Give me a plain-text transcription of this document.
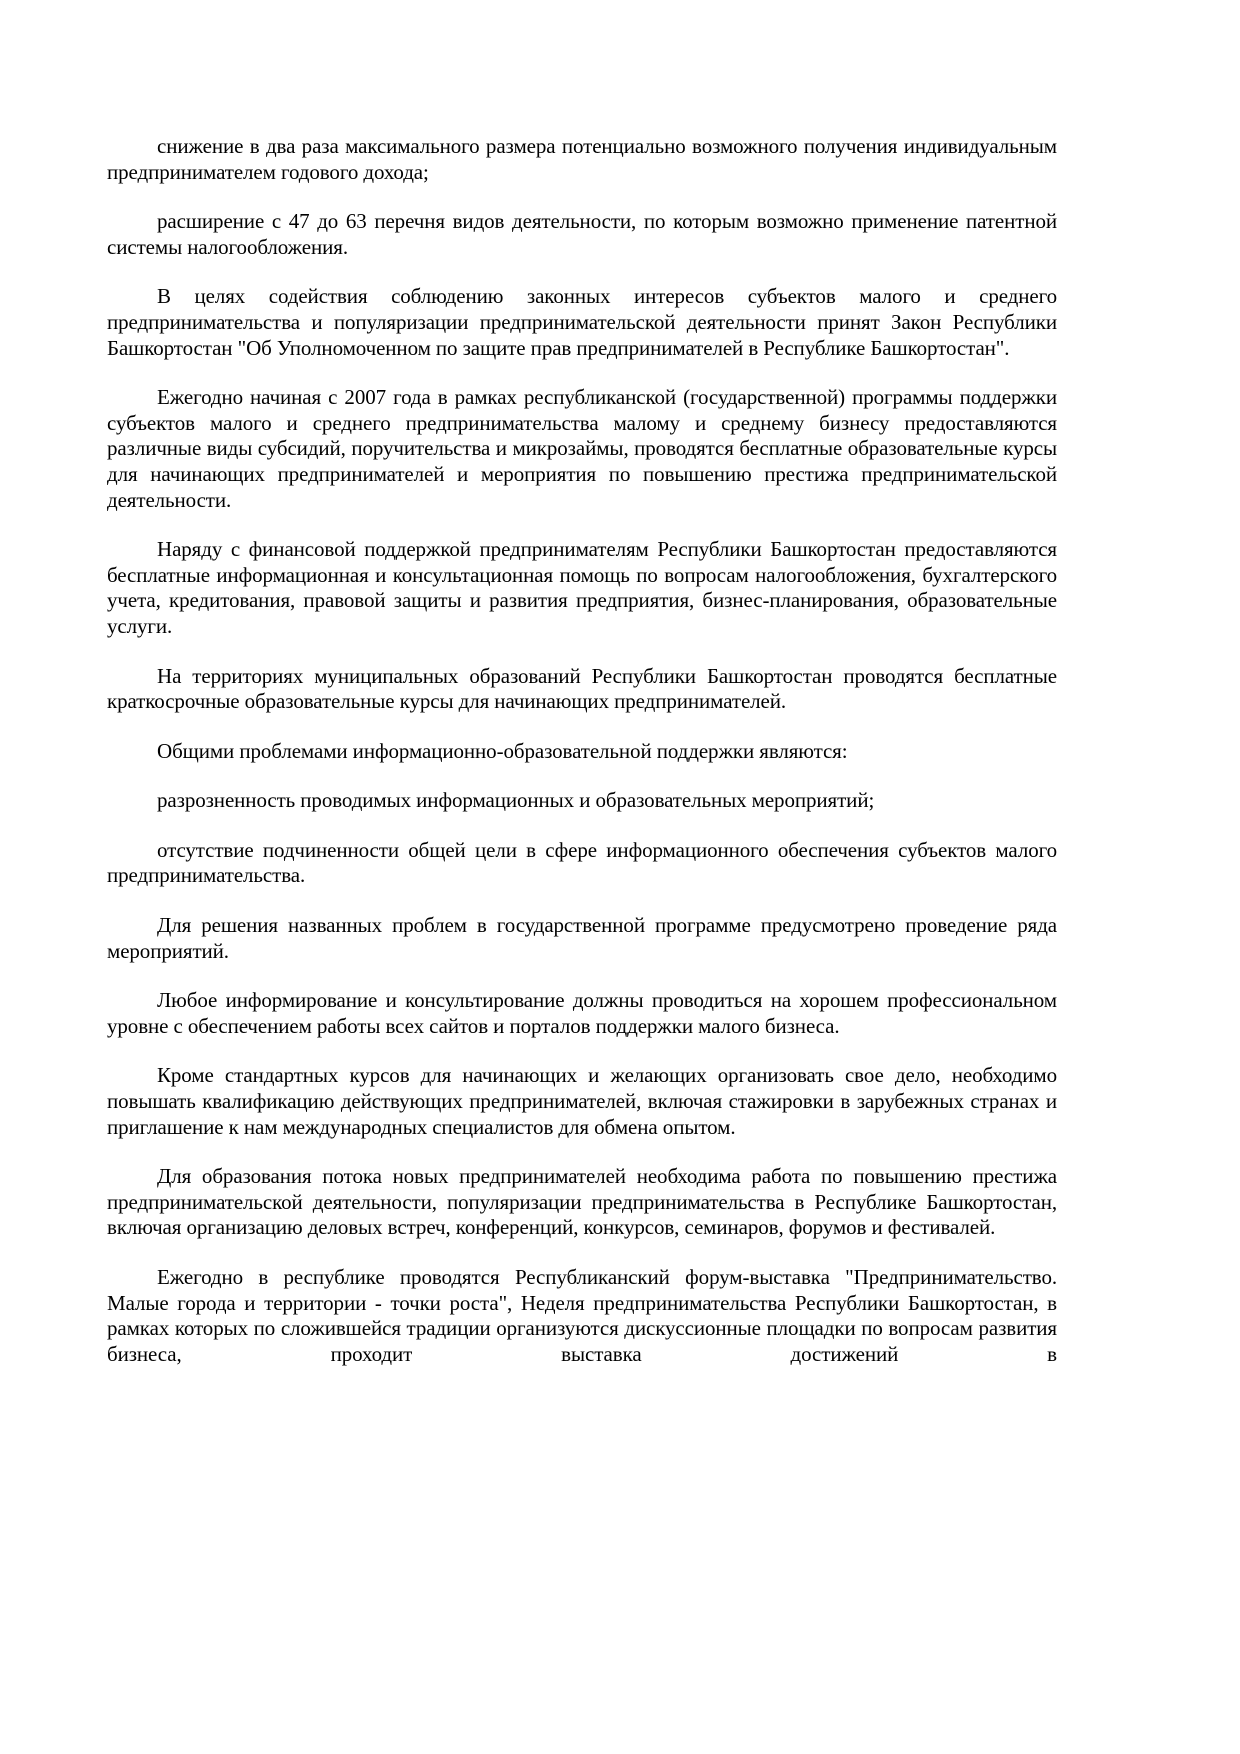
снижение в два раза максимального размера потенциально возможного получения индивидуальным предпринимателем годового дохода;

расширение с 47 до 63 перечня видов деятельности, по которым возможно применение патентной системы налогообложения.

В целях содействия соблюдению законных интересов субъектов малого и среднего предпринимательства и популяризации предпринимательской деятельности принят Закон Республики Башкортостан "Об Уполномоченном по защите прав предпринимателей в Республике Башкортостан".

Ежегодно начиная с 2007 года в рамках республиканской (государственной) программы поддержки субъектов малого и среднего предпринимательства малому и среднему бизнесу предоставляются различные виды субсидий, поручительства и микрозаймы, проводятся бесплатные образовательные курсы для начинающих предпринимателей и мероприятия по повышению престижа предпринимательской деятельности.

Наряду с финансовой поддержкой предпринимателям Республики Башкортостан предоставляются бесплатные информационная и консультационная помощь по вопросам налогообложения, бухгалтерского учета, кредитования, правовой защиты и развития предприятия, бизнес-планирования, образовательные услуги.

На территориях муниципальных образований Республики Башкортостан проводятся бесплатные краткосрочные образовательные курсы для начинающих предпринимателей.

Общими проблемами информационно-образовательной поддержки являются:

разрозненность проводимых информационных и образовательных мероприятий;

отсутствие подчиненности общей цели в сфере информационного обеспечения субъектов малого предпринимательства.

Для решения названных проблем в государственной программе предусмотрено проведение ряда мероприятий.

Любое информирование и консультирование должны проводиться на хорошем профессиональном уровне с обеспечением работы всех сайтов и порталов поддержки малого бизнеса.

Кроме стандартных курсов для начинающих и желающих организовать свое дело, необходимо повышать квалификацию действующих предпринимателей, включая стажировки в зарубежных странах и приглашение к нам международных специалистов для обмена опытом.

Для образования потока новых предпринимателей необходима работа по повышению престижа предпринимательской деятельности, популяризации предпринимательства в Республике Башкортостан, включая организацию деловых встреч, конференций, конкурсов, семинаров, форумов и фестивалей.

Ежегодно в республике проводятся Республиканский форум-выставка "Предпринимательство. Малые города и территории - точки роста", Неделя предпринимательства Республики Башкортостан, в рамках которых по сложившейся традиции организуются дискуссионные площадки по вопросам развития бизнеса, проходит выставка достижений в
